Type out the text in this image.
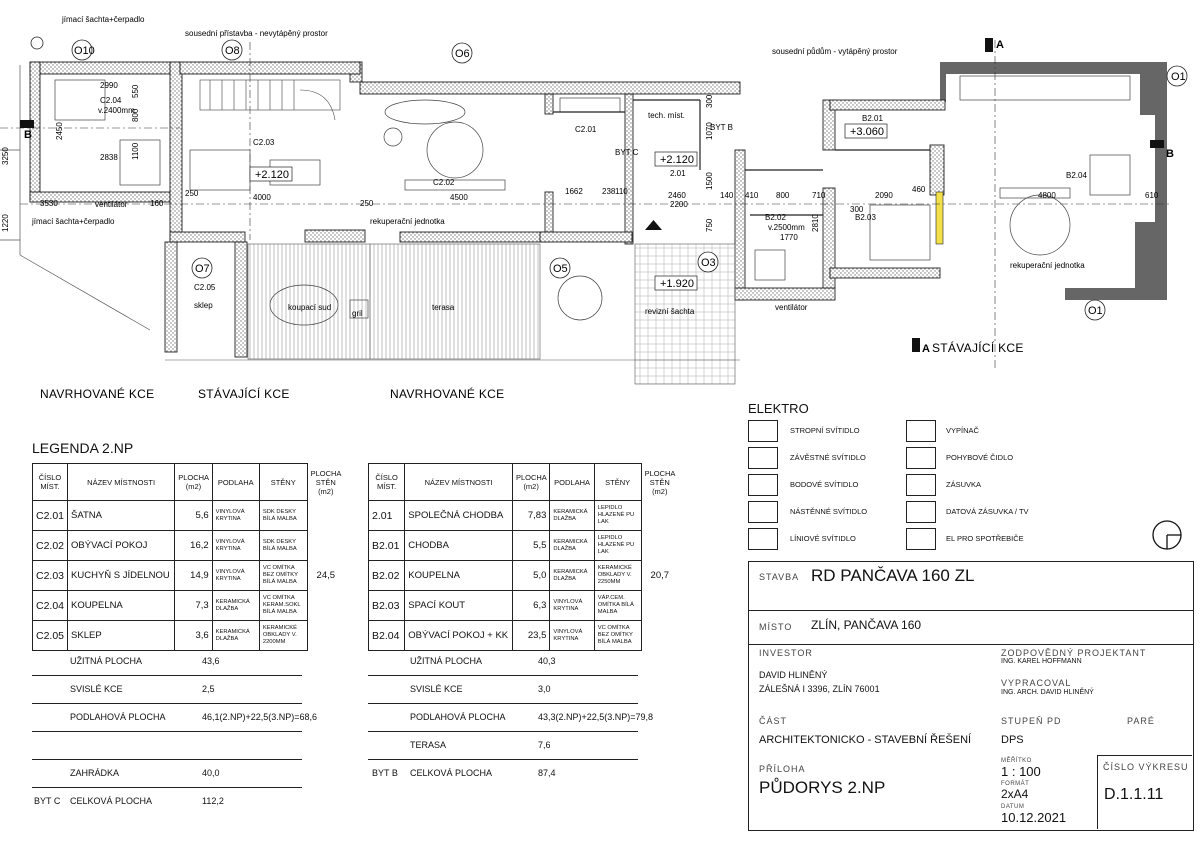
O10	O8	O6
O7	O5	O3
O1
O1
A
A
B
B
jímací šachta+čerpadlo
jímací šachta+čerpadlo
sousední přístavba - nevytápěný prostor
sousední půdům - vytápěný prostor
ventilátor
ventilátor
rekuperační jednotka
rekuperační jednotka
tech. míst.
revizní šachta
koupací sud	terasa
gril
sklep
C2.04
v.2400mm
C2.03
C2.02
C2.01
C2.05
BYT C
BYT B
2.01
B2.01
B2.02
v.2500mm
B2.03
B2.04
+2.120
+2.120
+3.060
+1.920
2990
2450
2838
550
800
1100
3250
1220
3530	160
250	4000
250
4500
1662 238 110	2460
2200
1500
140
1070
300
300
800
410	710	2090
460
4800	610
1770
2810
750
NAVRHOVANÉ KCE	STÁVAJÍCÍ KCE	NAVRHOVANÉ KCE
STÁVAJÍCÍ KCE
LEGENDA 2.NP
ČÍSLO MÍST.	NÁZEV MÍSTNOSTI	PLOCHA (m2)	PODLAHA	STĚNY	PLOCHA STĚN (m2)
C2.01	ŠATNA	5,6	VINYLOVÁ KRYTINA	SDK DESKY BÍLÁ MALBA	24,5
C2.02	OBÝVACÍ POKOJ	16,2	VINYLOVÁ KRYTINA	SDK DESKY BÍLÁ MALBA	
C2.03	KUCHYŇ S JÍDELNOU	14,9	VINYLOVÁ KRYTINA	VC OMÍTKA BEZ OMÍTKY BÍLÁ MALBA	
C2.04	KOUPELNA	7,3	KERAMICKÁ DLAŽBA	VC OMÍTKA KERAM.SOKL BÍLÁ MALBA	
C2.05	SKLEP	3,6	KERAMICKÁ DLAŽBA	KERAMICKÉ OBKLADY V. 2200MM	
UŽITNÁ PLOCHA	43,6
SVISLÉ KCE	2,5
PODLAHOVÁ PLOCHA	46,1(2.NP)+22,5(3.NP)=68,6
ZAHRÁDKA	40,0
BYT C CELKOVÁ PLOCHA	112,2
ČÍSLO MÍST.	NÁZEV MÍSTNOSTI	PLOCHA (m2)	PODLAHA	STĚNY	PLOCHA STĚN (m2)
2.01	SPOLEČNÁ CHODBA	7,83	KERAMICKÁ DLAŽBA	LEPIDLO HLAZENÉ PU LAK	20,7
B2.01	CHODBA	5,5	KERAMICKÁ DLAŽBA	LEPIDLO HLAZENÉ PU LAK	
B2.02	KOUPELNA	5,0	KERAMICKÁ DLAŽBA	KERAMICKÉ OBKLADY V. 2250MM	
B2.03	SPACÍ KOUT	6,3	VINYLOVÁ KRYTINA	VÁP.CEM. OMÍTKA BÍLÁ MALBA	
B2.04	OBÝVACÍ POKOJ + KK	23,5	VINYLOVÁ KRYTINA	VC OMÍTKA BEZ OMÍTKY BÍLÁ MALBA	
UŽITNÁ PLOCHA	40,3
SVISLÉ KCE	3,0
PODLAHOVÁ PLOCHA	43,3(2.NP)+22,5(3.NP)=79,8
TERASA	7,6
BYT B CELKOVÁ PLOCHA	87,4
ELEKTRO
STROPNÍ SVÍTIDLO
ZÁVĚSTNÉ SVÍTIDLO
BODOVÉ SVÍTIDLO
NÁSTĚNNÉ SVÍTIDLO
LÍNIOVÉ SVÍTIDLO
VYPÍNAČ
POHYBOVÉ ČIDLO
ZÁSUVKA
DATOVÁ ZÁSUVKA / TV
EL PRO SPOTŘEBIČE
STAVBA RD PANČAVA 160 ZL
MÍSTO ZLÍN, PANČAVA 160
INVESTOR
DAVID HLINĚNÝ
ZÁLEŠNÁ I 3396, ZLÍN 76001
ZODPOVĚDNÝ PROJEKTANT
ING. KAREL HOFFMANN
VYPRACOVAL
ING. ARCH. DAVID HLINĚNÝ
ČÁST
ARCHITEKTONICKO - STAVEBNÍ ŘEŠENÍ
STUPEŇ PD
DPS
PARÉ
PŘÍLOHA
PŮDORYS 2.NP
MĚŘÍTKO
1 : 100
FORMÁT
2xA4
DATUM
10.12.2021
ČÍSLO VÝKRESU
D.1.1.11
